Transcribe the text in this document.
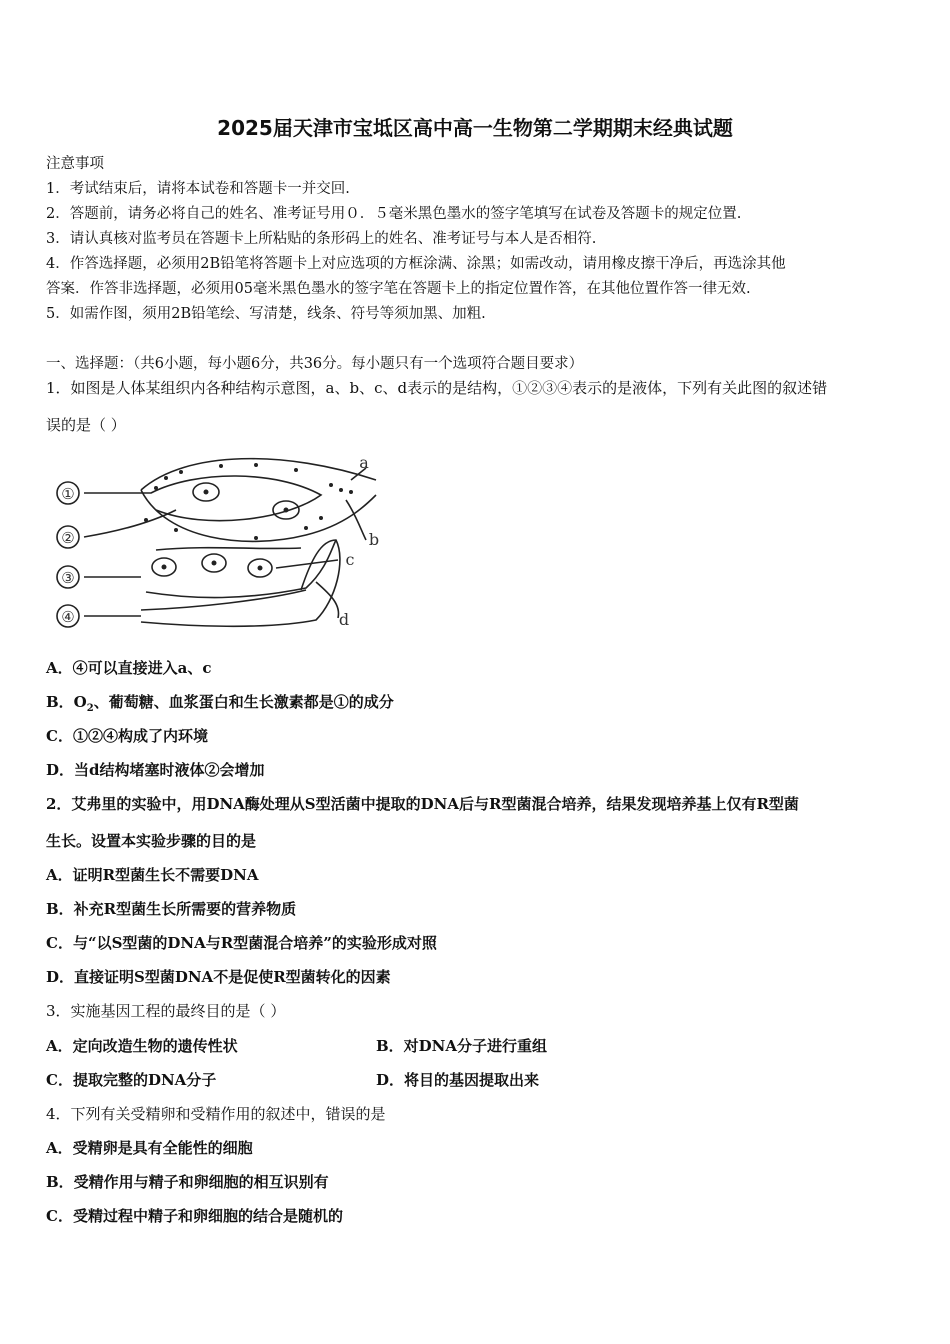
2025届天津市宝坻区高中高一生物第二学期期末经典试题
注意事项
1．考试结束后，请将本试卷和答题卡一并交回.
2．答题前，请务必将自己的姓名、准考证号用０．５毫米黑色墨水的签字笔填写在试卷及答题卡的规定位置.
3．请认真核对监考员在答题卡上所粘贴的条形码上的姓名、准考证号与本人是否相符.
4．作答选择题，必须用2B铅笔将答题卡上对应选项的方框涂满、涂黑；如需改动，请用橡皮擦干净后，再选涂其他
答案．作答非选择题，必须用05毫米黑色墨水的签字笔在答题卡上的指定位置作答，在其他位置作答一律无效.
5．如需作图，须用2B铅笔绘、写清楚，线条、符号等须加黑、加粗.
一、选择题：（共6小题，每小题6分，共36分。每小题只有一个选项符合题目要求）
1．如图是人体某组织内各种结构示意图，a、b、c、d表示的是结构，①②③④表示的是液体，下列有关此图的叙述错
误的是（ ）
①
②
③
④
a
b
c
d
A．④可以直接进入a、c
B．$O_2$、葡萄糖、血浆蛋白和生长激素都是①的成分
C．①②④构成了内环境
D．当d结构堵塞时液体②会增加
2．艾弗里的实验中，用DNA酶处理从S型活菌中提取的DNA后与R型菌混合培养，结果发现培养基上仅有R型菌
生长。设置本实验步骤的目的是
A．证明R型菌生长不需要DNA
B．补充R型菌生长所需要的营养物质
C．与“以S型菌的DNA与R型菌混合培养”的实验形成对照
D．直接证明S型菌DNA不是促使R型菌转化的因素
3．实施基因工程的最终目的是（ ）
A．定向改造生物的遗传性状	B．对DNA分子进行重组
C．提取完整的DNA分子	D．将目的基因提取出来
4．下列有关受精卵和受精作用的叙述中，错误的是
A．受精卵是具有全能性的细胞
B．受精作用与精子和卵细胞的相互识别有
C．受精过程中精子和卵细胞的结合是随机的
